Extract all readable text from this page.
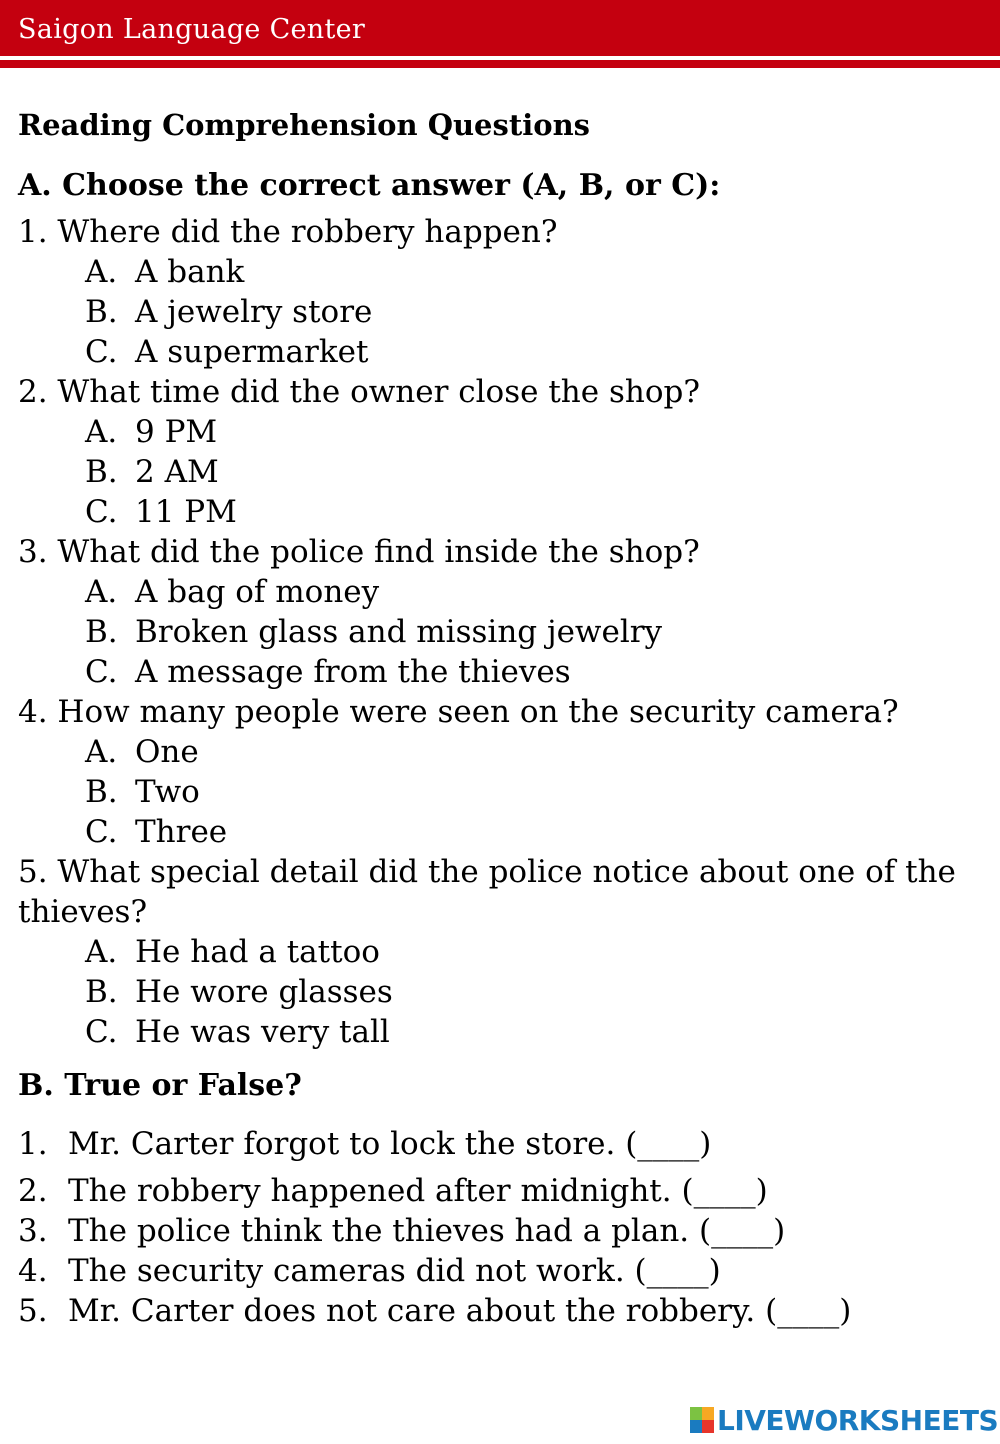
Saigon Language Center
Reading Comprehension Questions
A. Choose the correct answer (A, B, or C):
1. Where did the robbery happen?
A. A bank
B. A jewelry store
C. A supermarket
2. What time did the owner close the shop?
A. 9 PM
B. 2 AM
C. 11 PM
3. What did the police find inside the shop?
A. A bag of money
B. Broken glass and missing jewelry
C. A message from the thieves
4. How many people were seen on the security camera?
A. One
B. Two
C. Three
5. What special detail did the police notice about one of the thieves?
A. He had a tattoo
B. He wore glasses
C. He was very tall
B. True or False?
1. Mr. Carter forgot to lock the store. (____)
2. The robbery happened after midnight. (____)
3. The police think the thieves had a plan. (____)
4. The security cameras did not work. (____)
5. Mr. Carter does not care about the robbery. (____)
LIVEWORKSHEETS
